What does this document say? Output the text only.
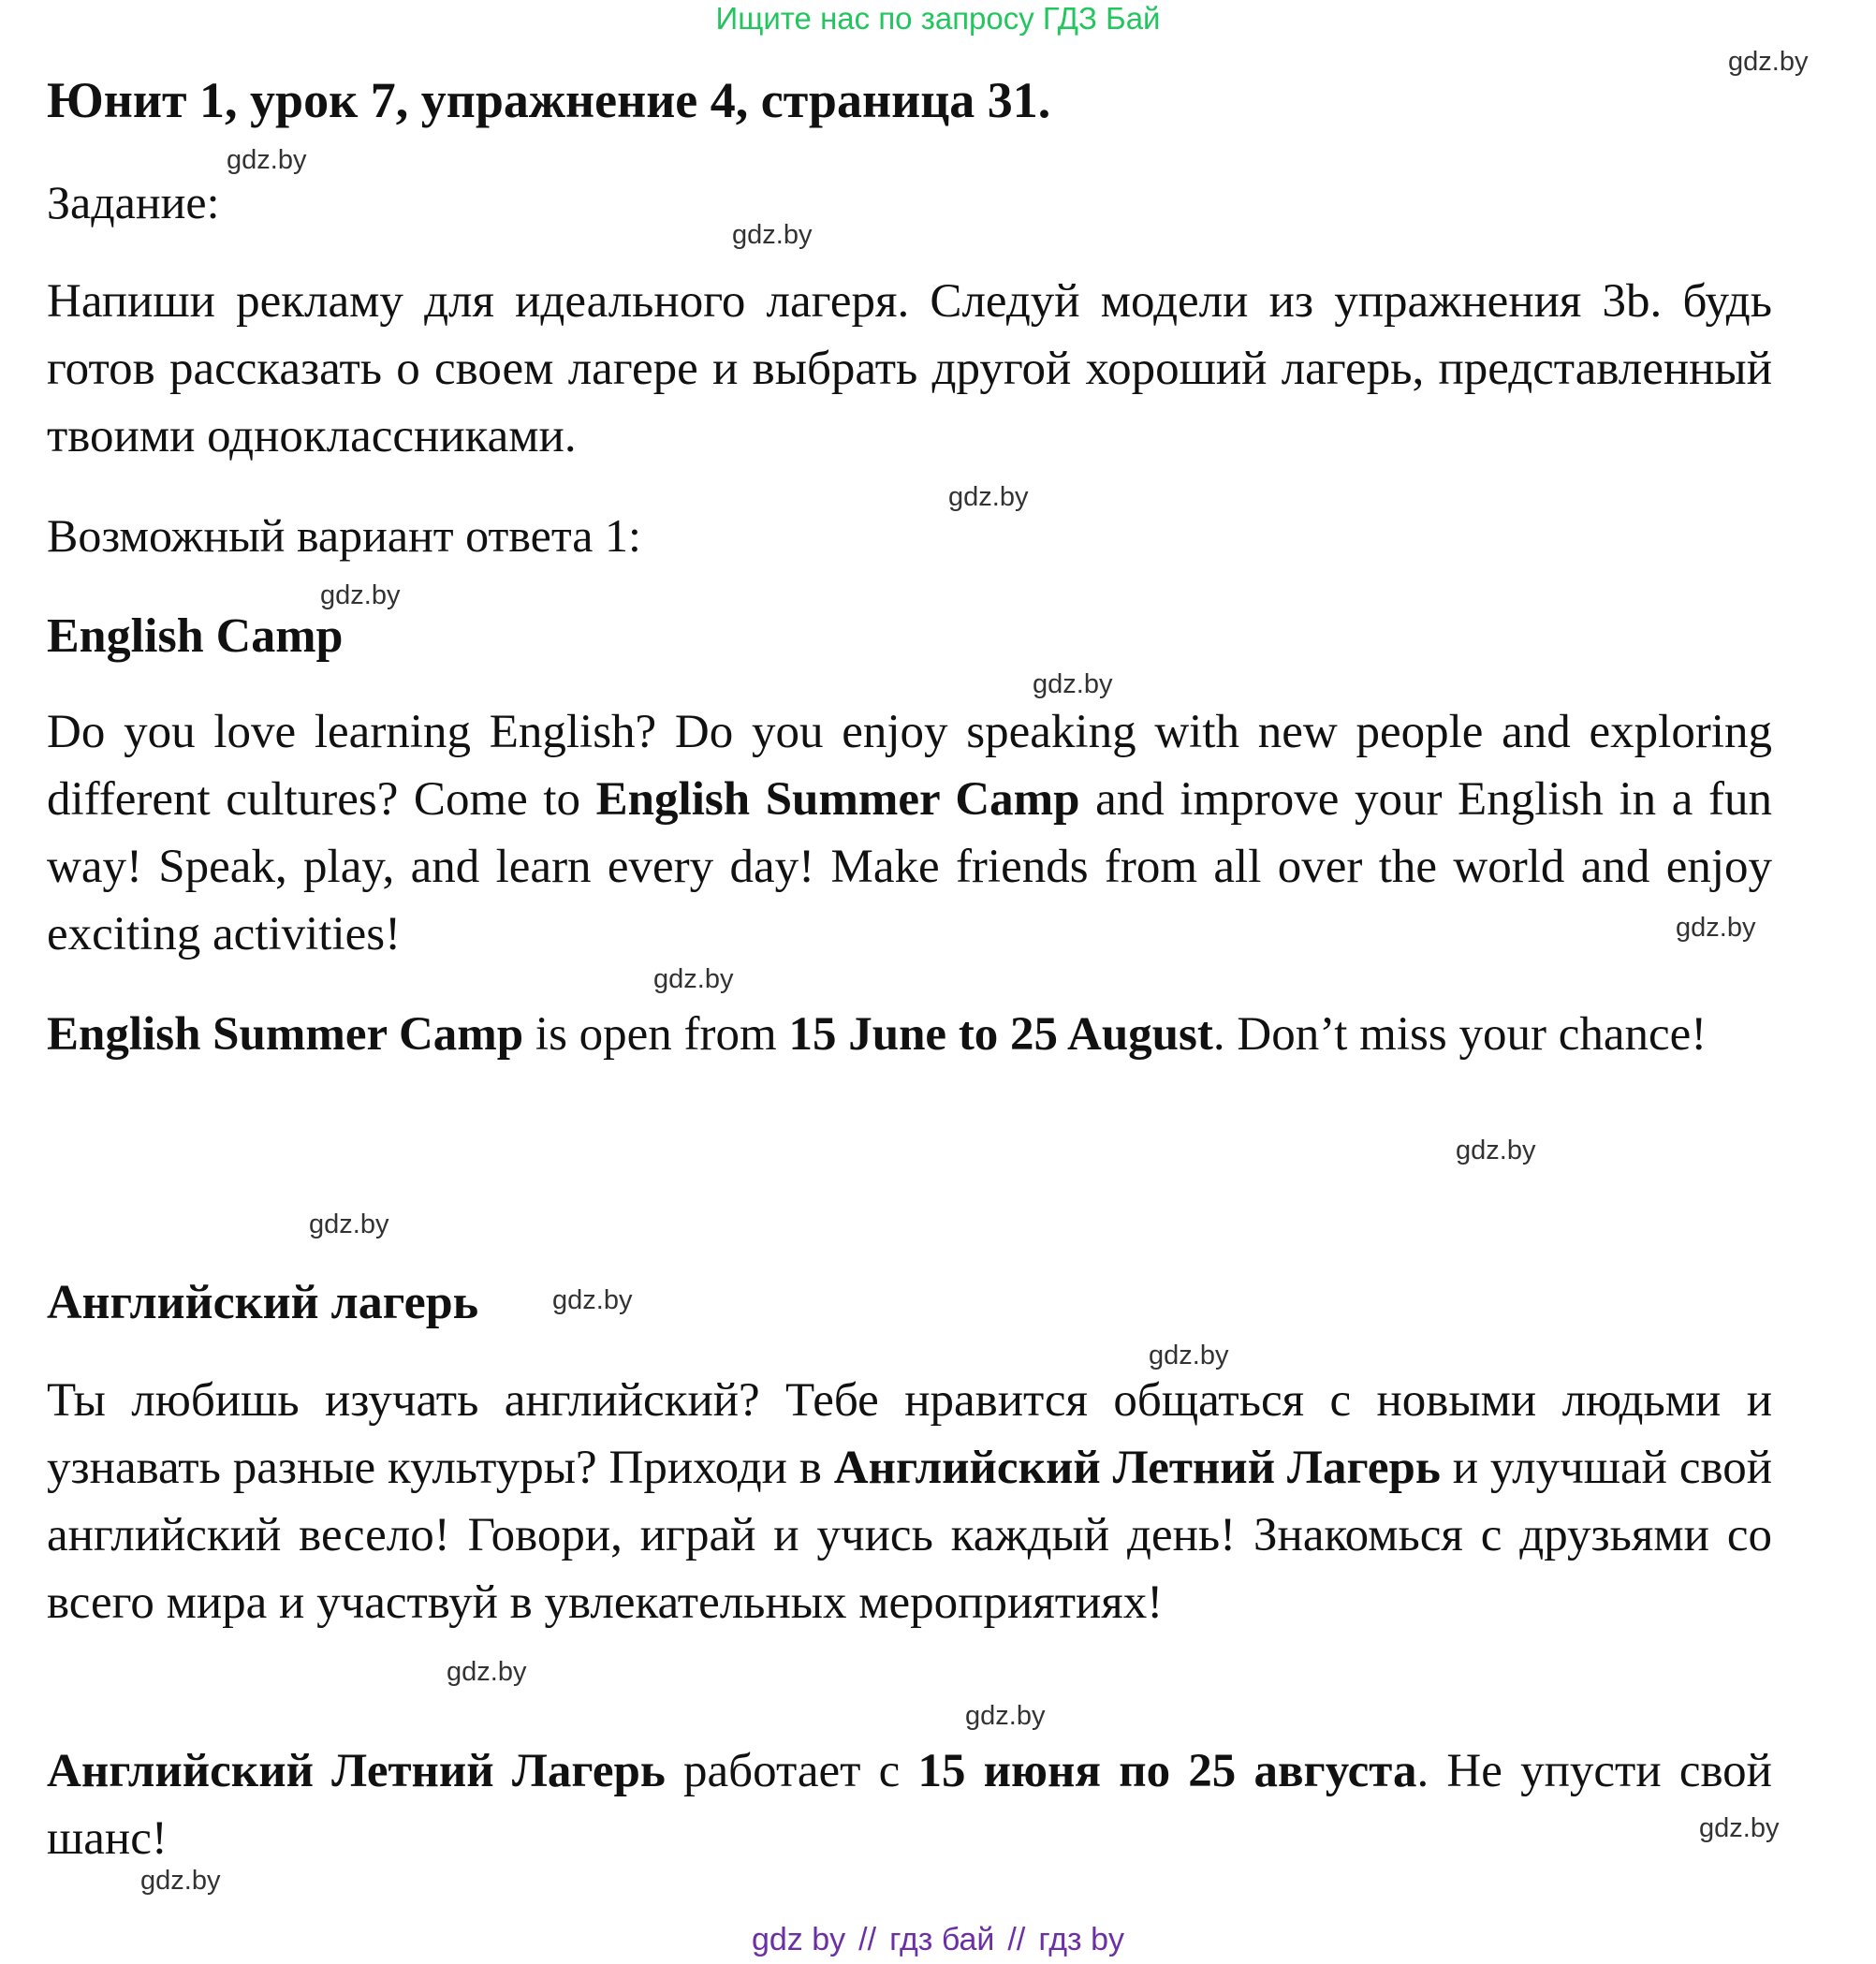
Ищите нас по запросу ГДЗ Бай
gdz.by
gdz.by
gdz.by
gdz.by
gdz.by
gdz.by
gdz.by
gdz.by
gdz.by
gdz.by
gdz.by
gdz.by
gdz.by
gdz.by
gdz.by
gdz.by
Юнит 1, урок 7, упражнение 4, страница 31.
Задание:
Напиши рекламу для идеального лагеря. Следуй модели из упражнения 3b. будь готов рассказать о своем лагере и выбрать другой хороший лагерь, представленный твоими одноклассниками.
Возможный вариант ответа 1:
English Camp
Do you love learning English? Do you enjoy speaking with new people and exploring different cultures? Come to English Summer Camp and improve your English in a fun way! Speak, play, and learn every day! Make friends from all over the world and enjoy exciting activities!
English Summer Camp is open from 15 June to 25 August. Don’t miss your chance!
Английский лагерь
Ты любишь изучать английский? Тебе нравится общаться с новыми людьми и узнавать разные культуры? Приходи в Английский Летний Лагерь и улучшай свой английский весело! Говори, играй и учись каждый день! Знакомься с друзьями со всего мира и участвуй в увлекательных мероприятиях!
Английский Летний Лагерь работает с 15 июня по 25 августа. Не упусти свой шанс!
gdz by // гдз бай // гдз by
